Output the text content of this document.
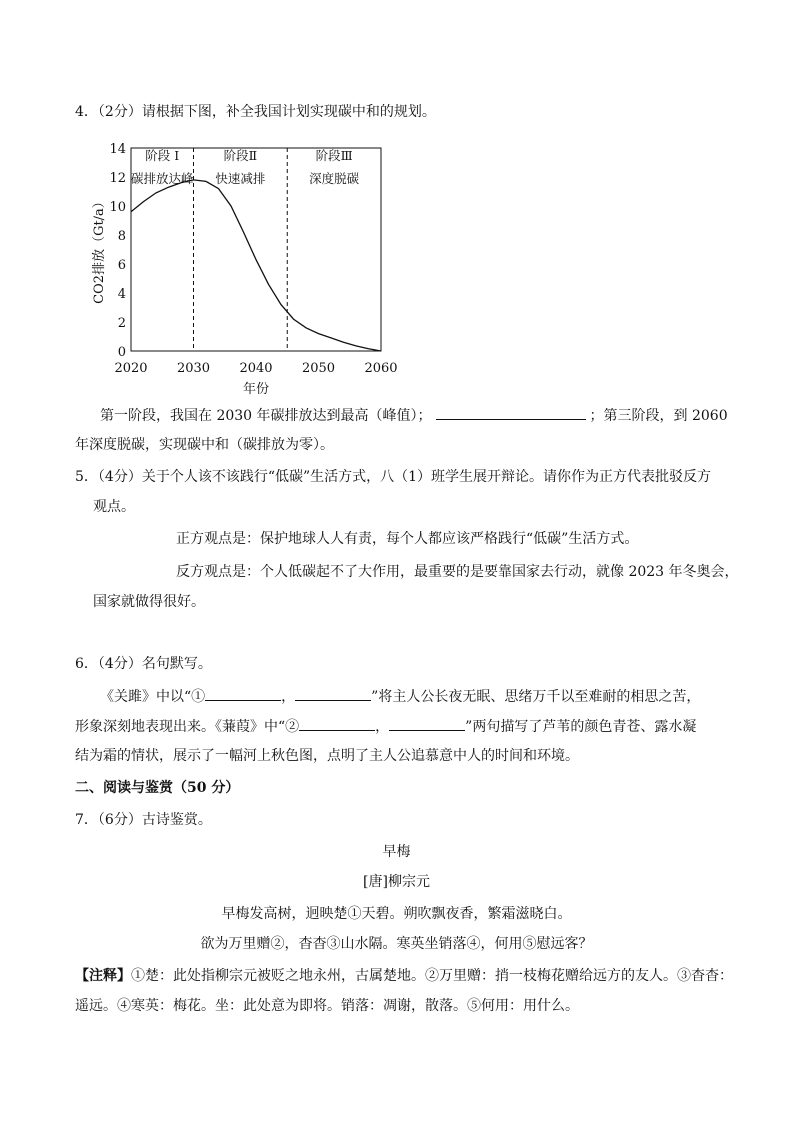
4．（2分）请根据下图，补全我国计划实现碳中和的规划。
0
2
4
6
8
10
12
14
2020 2030 2040 2050 2060
阶段 I
碳排放达峰
阶段Ⅱ
快速减排
阶段Ⅲ
深度脱碳
年份
CO2排放（Gt/a）
第一阶段，我国在 2030 年碳排放达到最高（峰值）；	；第三阶段，到 2060
年深度脱碳，实现碳中和（碳排放为零）。
5．（4分）关于个人该不该践行“低碳”生活方式，八（1）班学生展开辩论。请你作为正方代表批驳反方
观点。
正方观点是：保护地球人人有责，每个人都应该严格践行“低碳”生活方式。
反方观点是：个人低碳起不了大作用，最重要的是要靠国家去行动，就像 2023 年冬奥会，
国家就做得很好。
6．（4分）名句默写。
《关雎》中以“①	，	”将主人公长夜无眠、思绪万千以至难耐的相思之苦，
形象深刻地表现出来。《蒹葭》中“②	，	”两句描写了芦苇的颜色青苍、露水凝
结为霜的情状，展示了一幅河上秋色图，点明了主人公追慕意中人的时间和环境。
二、阅读与鉴赏（50 分）
7．（6分）古诗鉴赏。
早梅
[唐]柳宗元
早梅发高树，迥映楚①天碧。朔吹飘夜香，繁霜滋晓白。
欲为万里赠②，杳杳③山水隔。寒英坐销落④，何用⑤慰远客？
【注释】①楚：此处指柳宗元被贬之地永州，古属楚地。②万里赠：捎一枝梅花赠给远方的友人。③杳杳：
遥远。④寒英：梅花。坐：此处意为即将。销落：凋谢，散落。⑤何用：用什么。
